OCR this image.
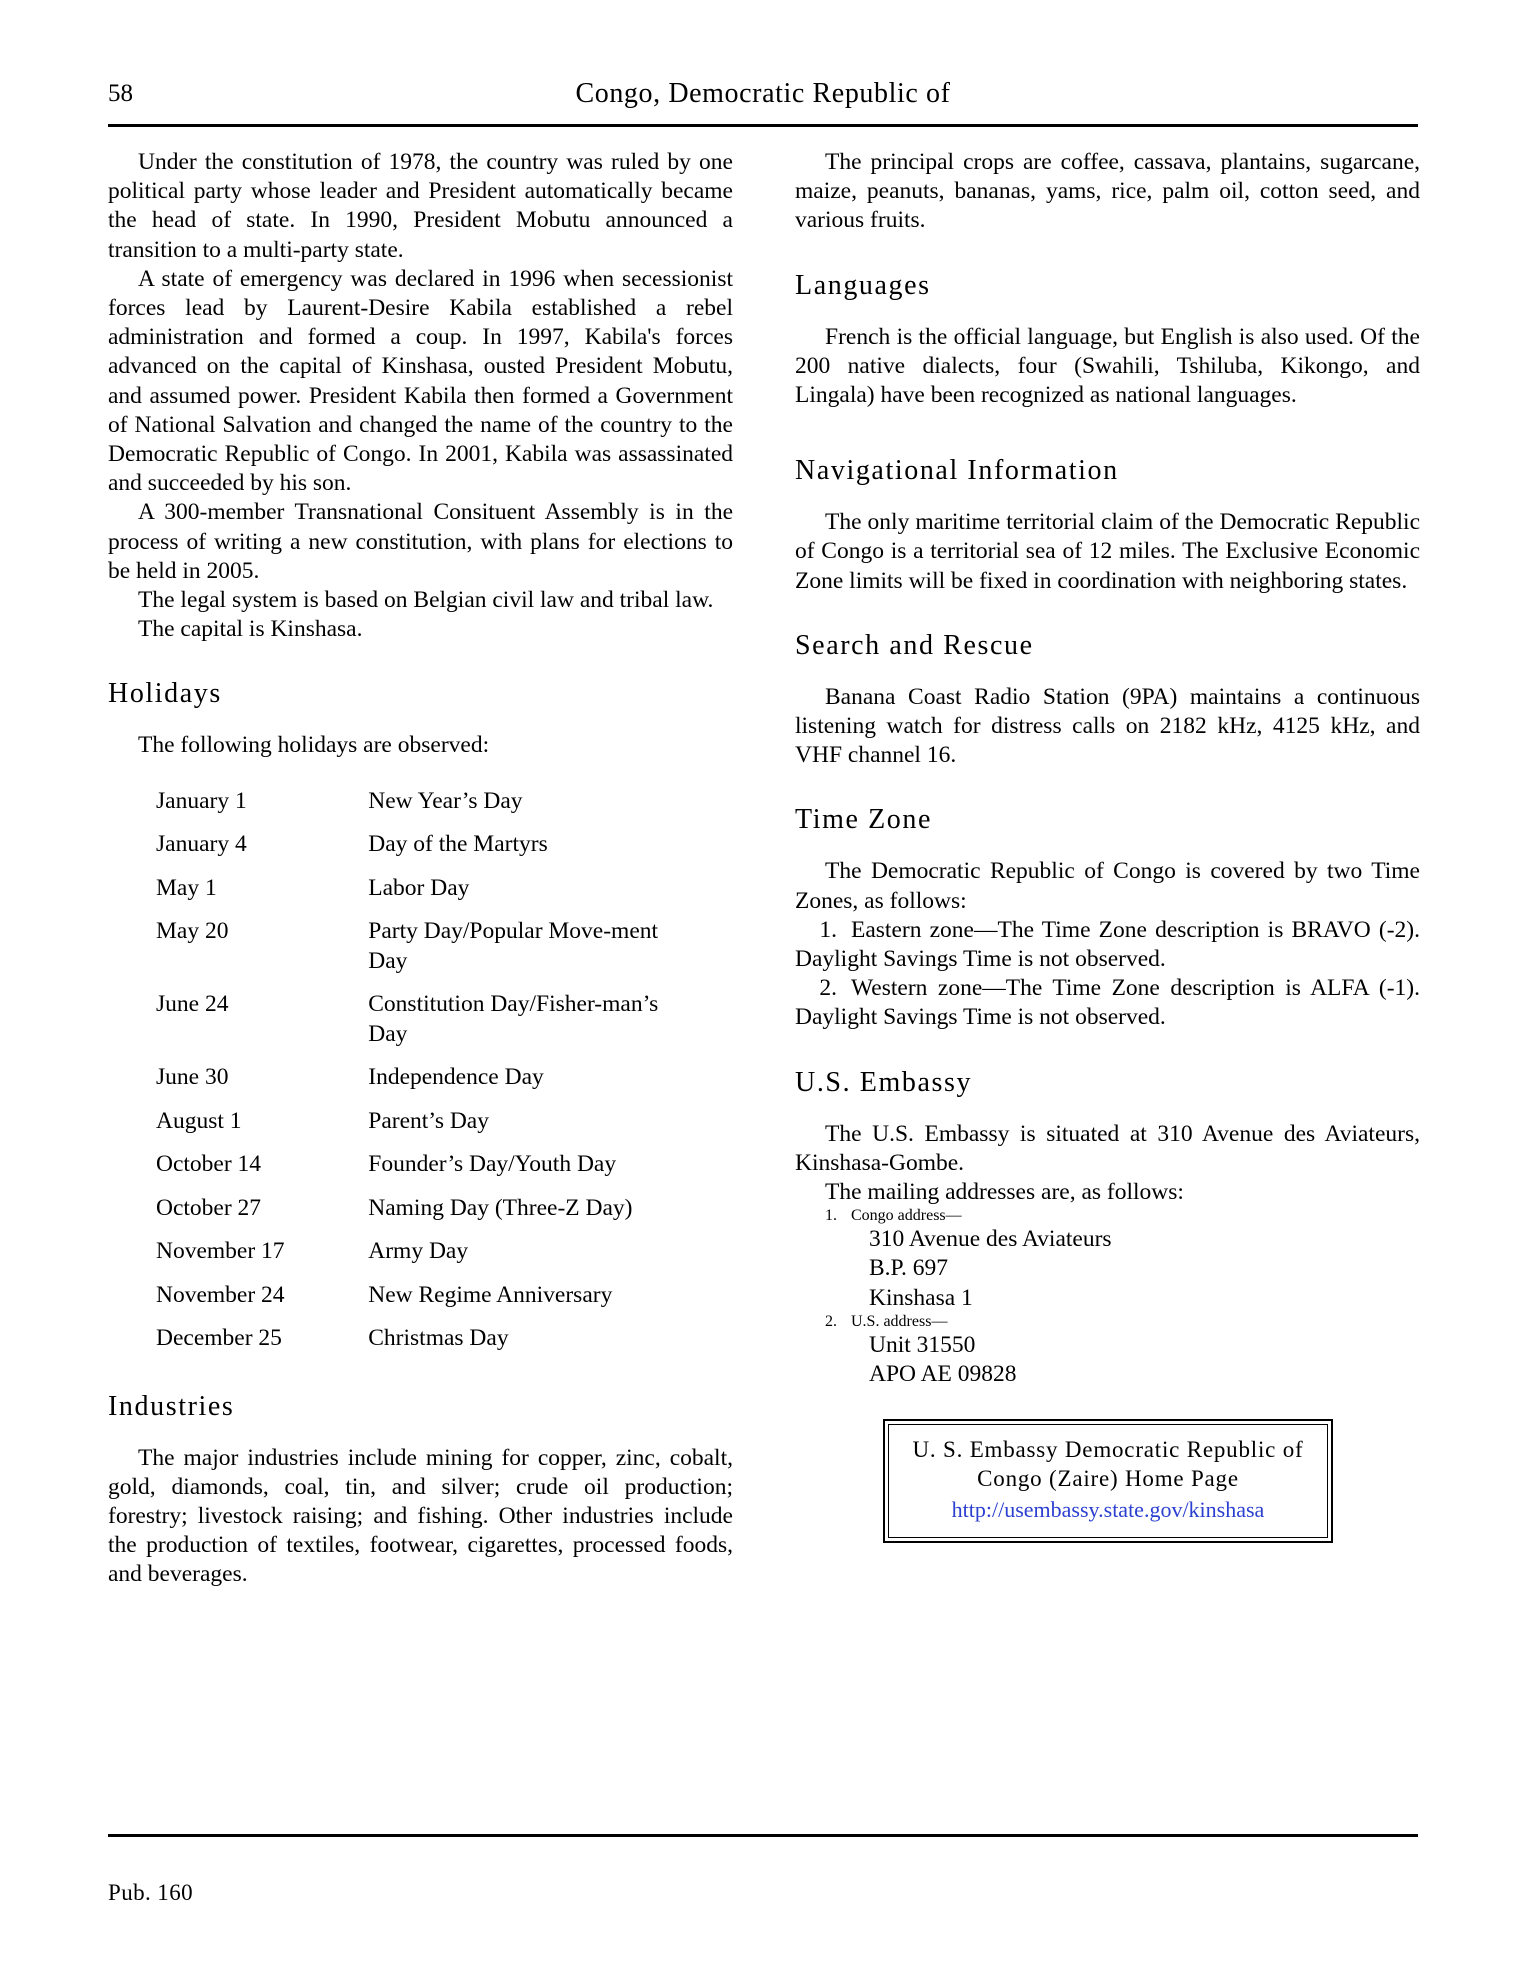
58	Congo, Democratic Republic of

Under the constitution of 1978, the country was ruled by one political party whose leader and President automatically became the head of state. In 1990, President Mobutu announced a transition to a multi-party state.

A state of emergency was declared in 1996 when secessionist forces lead by Laurent-Desire Kabila established a rebel administration and formed a coup. In 1997, Kabila's forces advanced on the capital of Kinshasa, ousted President Mobutu, and assumed power. President Kabila then formed a Government of National Salvation and changed the name of the country to the Democratic Republic of Congo. In 2001, Kabila was assassinated and succeeded by his son.

A 300-member Transnational Consituent Assembly is in the process of writing a new constitution, with plans for elections to be held in 2005.

The legal system is based on Belgian civil law and tribal law.

The capital is Kinshasa.

Holidays

The following holidays are observed:

January 1	New Year’s Day
January 4	Day of the Martyrs
May 1	Labor Day
May 20	Party Day/Popular Move-ment Day
June 24	Constitution Day/Fisher-man’s Day
June 30	Independence Day
August 1	Parent’s Day
October 14	Founder’s Day/Youth Day
October 27	Naming Day (Three-Z Day)
November 17	Army Day
November 24	New Regime Anniversary
December 25	Christmas Day
Industries

The major industries include mining for copper, zinc, cobalt, gold, diamonds, coal, tin, and silver; crude oil production; forestry; livestock raising; and fishing. Other industries include the production of textiles, footwear, cigarettes, processed foods, and beverages.

The principal crops are coffee, cassava, plantains, sugarcane, maize, peanuts, bananas, yams, rice, palm oil, cotton seed, and various fruits.

Languages

French is the official language, but English is also used. Of the 200 native dialects, four (Swahili, Tshiluba, Kikongo, and Lingala) have been recognized as national languages.

Navigational Information

The only maritime territorial claim of the Democratic Republic of Congo is a territorial sea of 12 miles. The Exclusive Economic Zone limits will be fixed in coordination with neighboring states.

Search and Rescue

Banana Coast Radio Station (9PA) maintains a continuous listening watch for distress calls on 2182 kHz, 4125 kHz, and VHF channel 16.

Time Zone

The Democratic Republic of Congo is covered by two Time Zones, as follows:

1. Eastern zone—The Time Zone description is BRAVO (-2). Daylight Savings Time is not observed.
2. Western zone—The Time Zone description is ALFA (-1). Daylight Savings Time is not observed.
U.S. Embassy

The U.S. Embassy is situated at 310 Avenue des Aviateurs, Kinshasa-Gombe.

The mailing addresses are, as follows:

1. Congo address—
310 Avenue des Aviateurs
B.P. 697
Kinshasa 1
2. U.S. address—
Unit 31550
APO AE 09828
U. S. Embassy Democratic Republic of
Congo (Zaire) Home Page
http://usembassy.state.gov/kinshasa
Pub. 160
